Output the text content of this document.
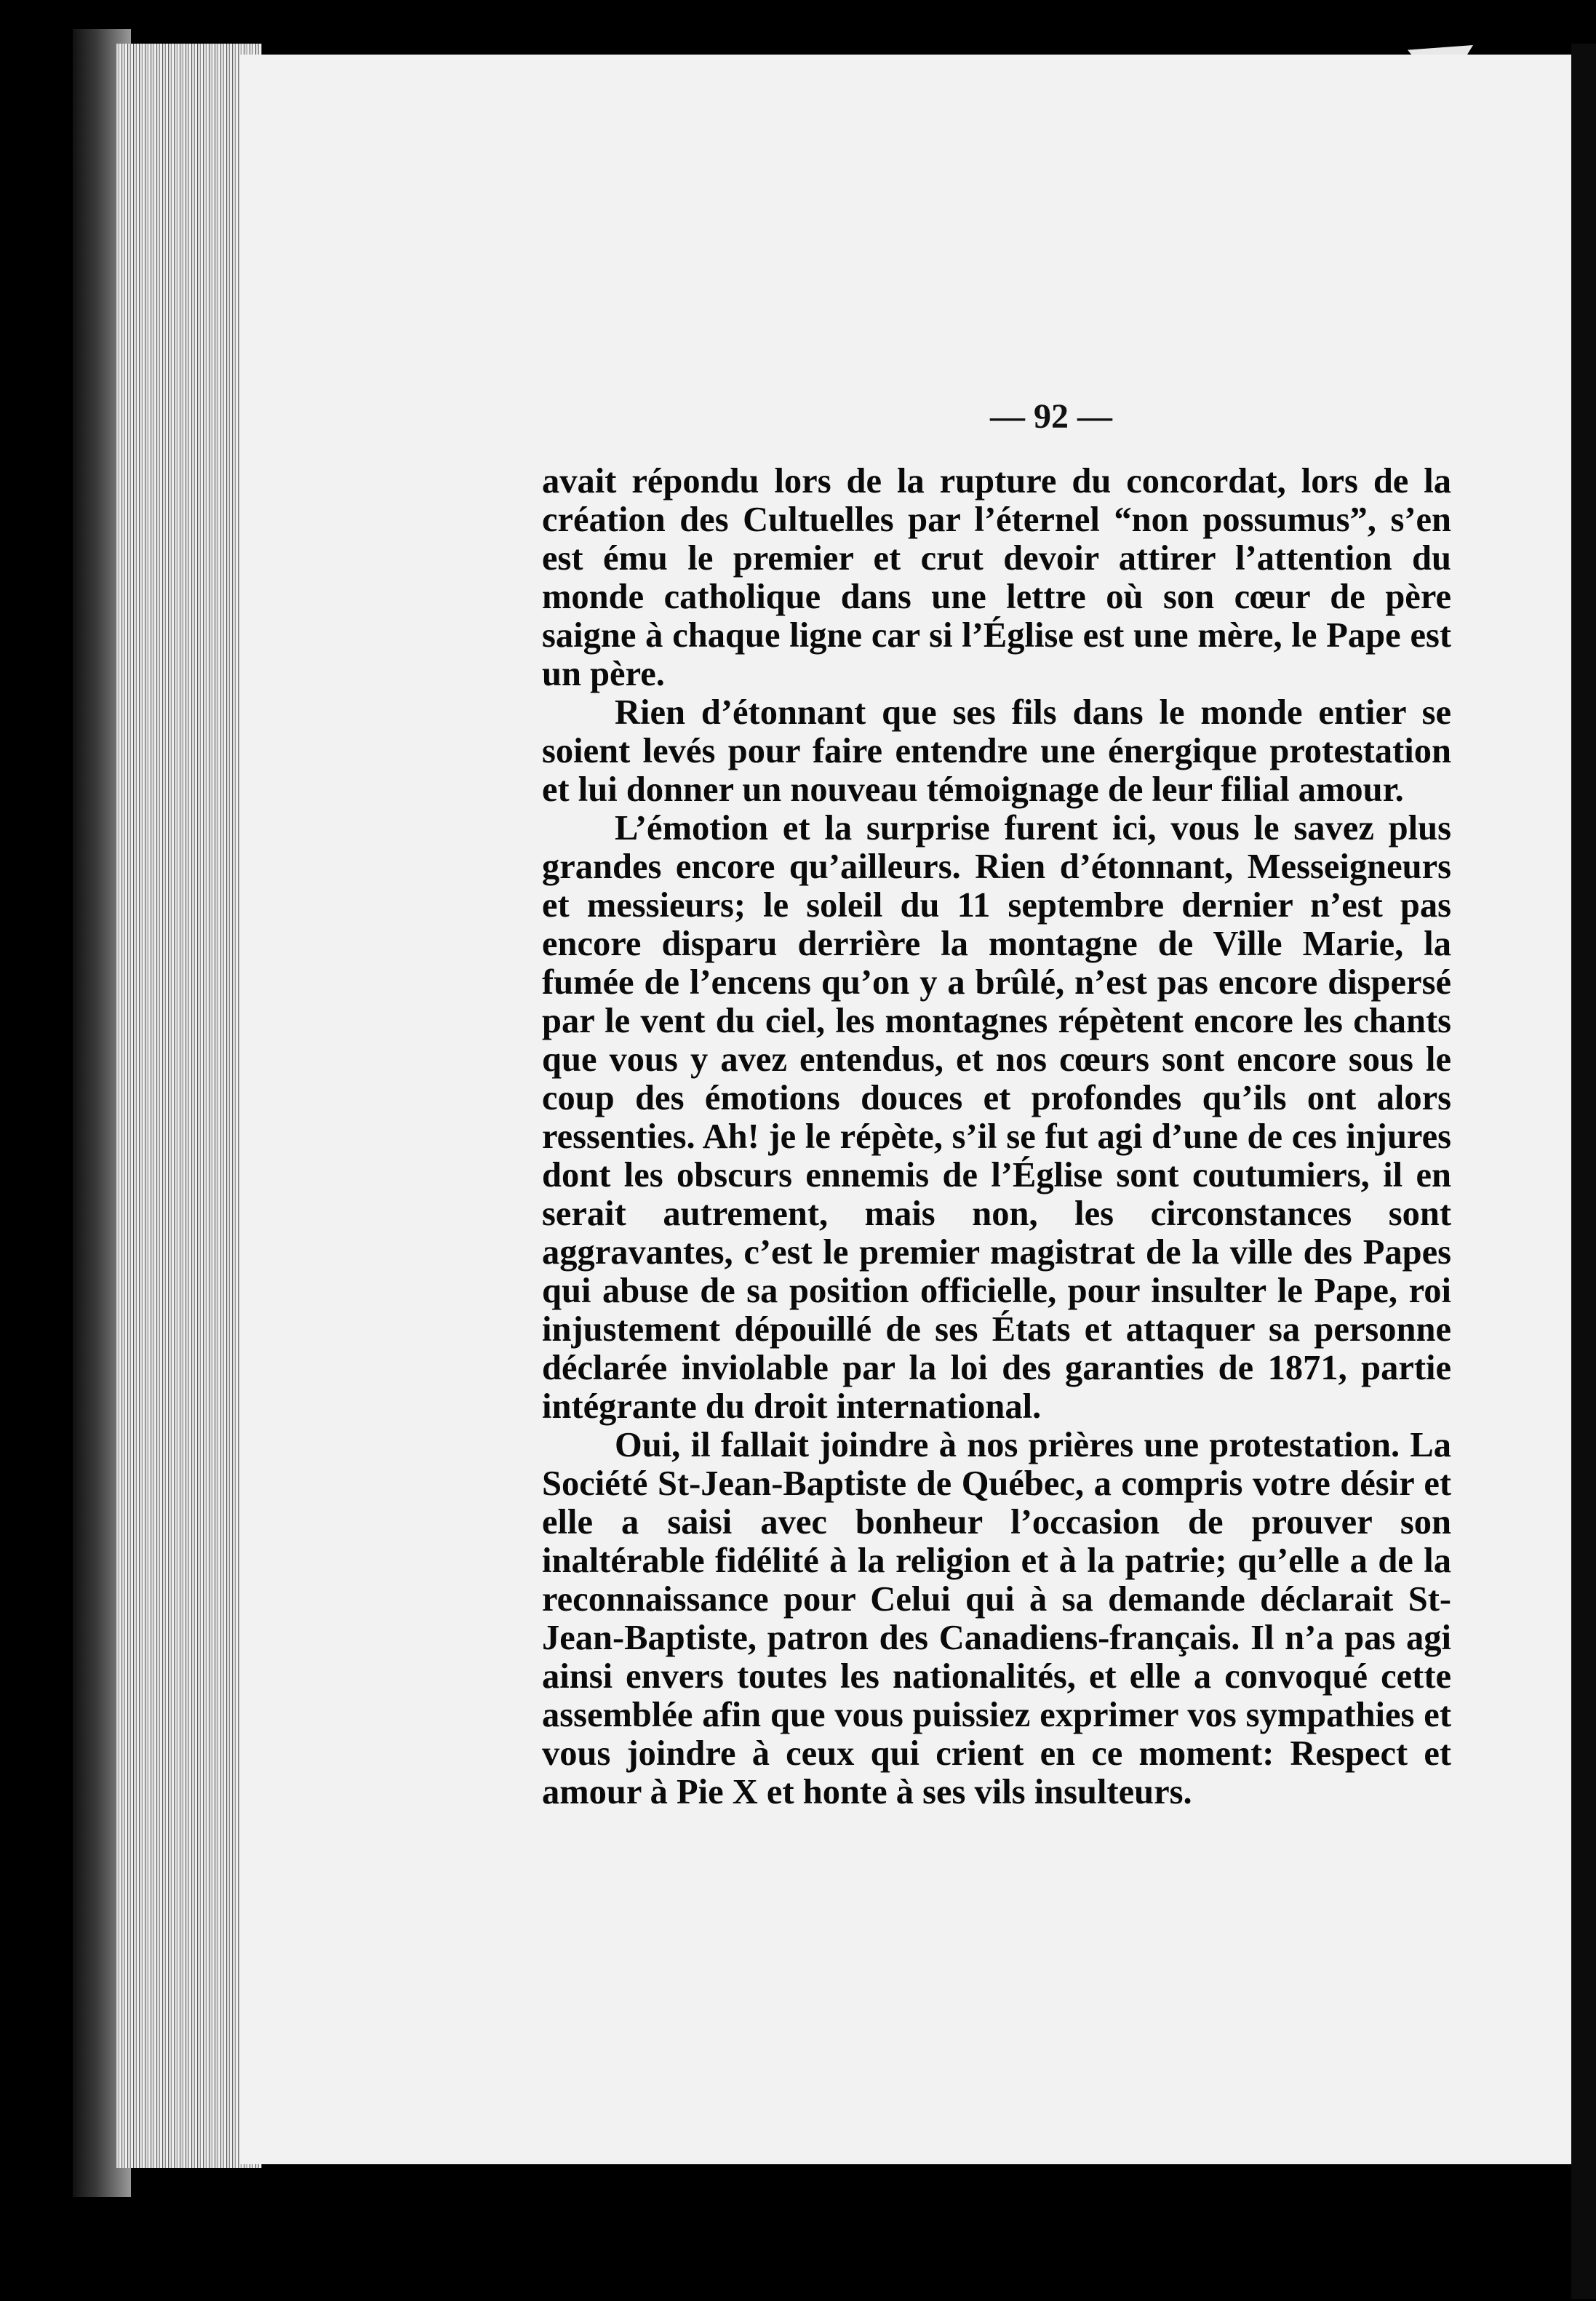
— 92 —

avait répondu lors de la rupture du concordat, lors de la création des Cultuelles par l’éternel “non possumus”, s’en est ému le premier et crut devoir attirer l’attention du monde catholique dans une lettre où son cœur de père saigne à chaque ligne car si l’Église est une mère, le Pape est un père.

Rien d’étonnant que ses fils dans le monde entier se soient levés pour faire entendre une énergique protestation et lui donner un nouveau témoignage de leur filial amour.

L’émotion et la surprise furent ici, vous le savez plus grandes encore qu’ailleurs. Rien d’étonnant, Messeigneurs et messieurs; le soleil du 11 septembre dernier n’est pas encore disparu derrière la montagne de Ville Marie, la fumée de l’encens qu’on y a brûlé, n’est pas encore dispersé par le vent du ciel, les montagnes répètent encore les chants que vous y avez entendus, et nos cœurs sont encore sous le coup des émotions douces et profondes qu’ils ont alors ressenties. Ah! je le répète, s’il se fut agi d’une de ces injures dont les obscurs ennemis de l’Église sont coutumiers, il en serait autrement, mais non, les circonstances sont aggravantes, c’est le premier magistrat de la ville des Papes qui abuse de sa position officielle, pour insulter le Pape, roi injustement dépouillé de ses États et attaquer sa personne déclarée inviolable par la loi des garanties de 1871, partie intégrante du droit international.

Oui, il fallait joindre à nos prières une protestation. La Société St-Jean-Baptiste de Québec, a compris votre désir et elle a saisi avec bonheur l’occasion de prouver son inaltérable fidélité à la religion et à la patrie; qu’elle a de la reconnaissance pour Celui qui à sa demande déclarait St-Jean-Baptiste, patron des Canadiens-français. Il n’a pas agi ainsi envers toutes les nationalités, et elle a convoqué cette assemblée afin que vous puissiez exprimer vos sympathies et vous joindre à ceux qui crient en ce moment: Respect et amour à Pie X et honte à ses vils insulteurs.
